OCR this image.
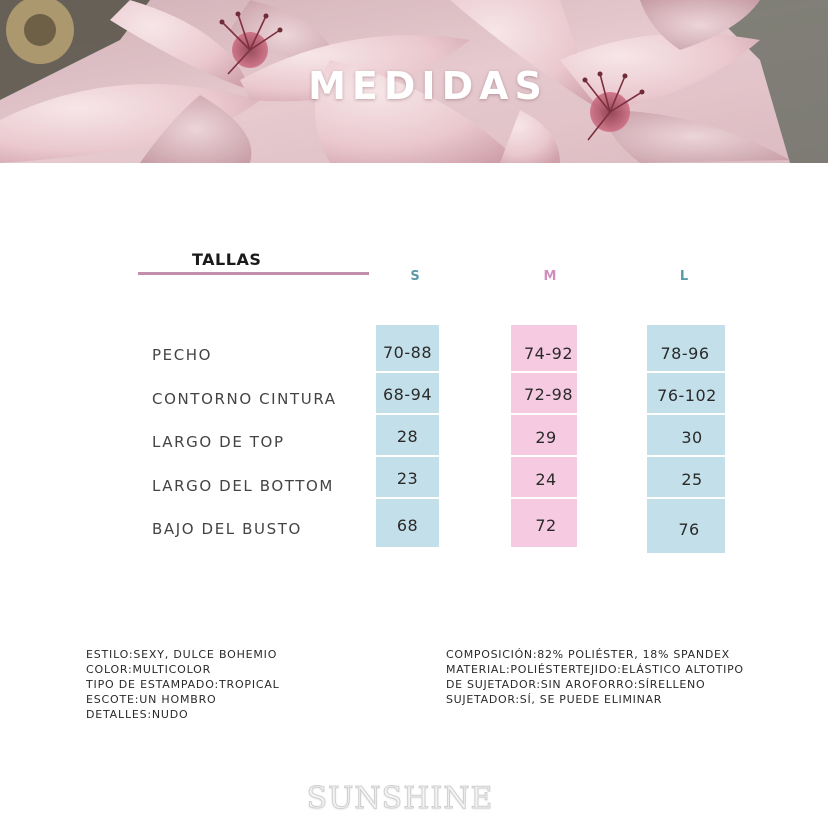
MEDIDAS
TALLAS
S	M	L
PECHO
CONTORNO CINTURA
LARGO DE TOP
LARGO DEL BOTTOM
BAJO DEL BUSTO
70-88
68-94
28
23
68
74-92
72-98
29
24
72
78-96
76-102
30
25
76
ESTILO:SEXY, DULCE BOHEMIO
COLOR:MULTICOLOR
TIPO DE ESTAMPADO:TROPICAL
ESCOTE:UN HOMBRO
DETALLES:NUDO
COMPOSICIÓN:82% POLIÉSTER, 18% SPANDEX
MATERIAL:POLIÉSTERTEJIDO:ELÁSTICO ALTOTIPO
DE SUJETADOR:SIN AROFORRO:SÍRELLENO
SUJETADOR:SÍ, SE PUEDE ELIMINAR
SUNSHINE
